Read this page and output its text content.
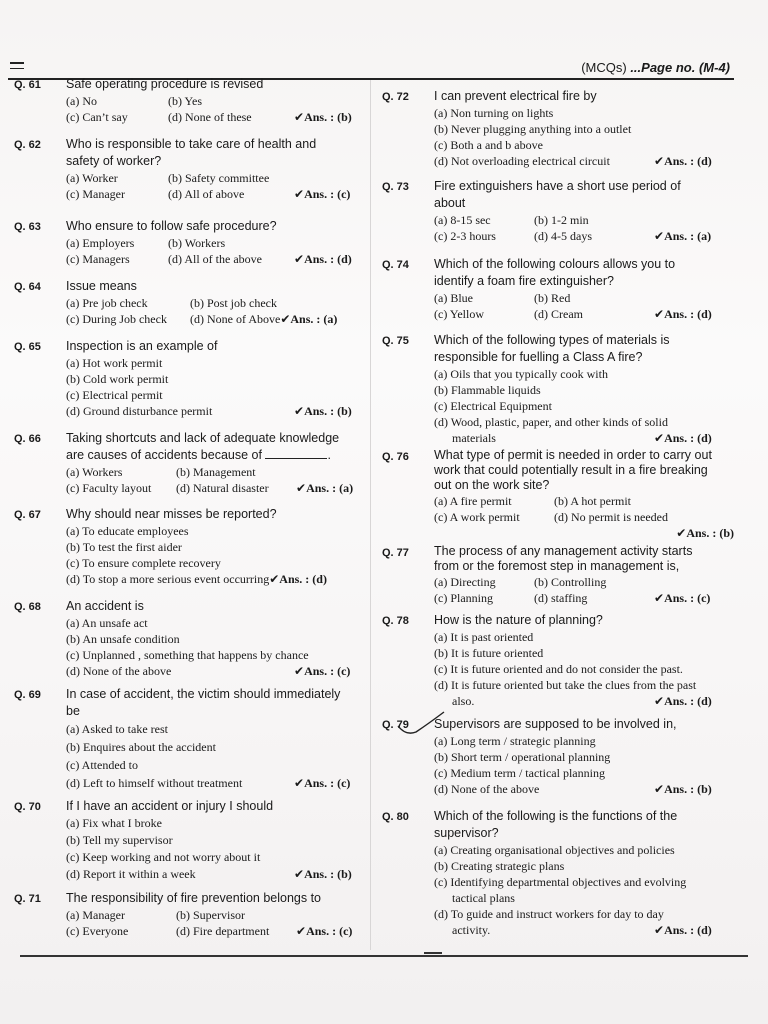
(MCQs) ...Page no. (M-4)
Q. 61 Safe operating procedure is revised
(a) No	(b) Yes
(c) Can’t say	(d) None of these	✔Ans. : (b)
Q. 62 Who is responsible to take care of health and
safety of worker?
(a) Worker	(b) Safety committee
(c) Manager	(d) All of above	✔Ans. : (c)
Q. 63 Who ensure to follow safe procedure?
(a) Employers	(b) Workers
(c) Managers	(d) All of the above	✔Ans. : (d)
Q. 64 Issue means
(a) Pre job check	(b) Post job check
(c) During Job check (d) None of Above✔Ans. : (a)
Q. 65 Inspection is an example of
(a) Hot work permit
(b) Cold work permit
(c) Electrical permit
(d) Ground disturbance permit	✔Ans. : (b)
Q. 66 Taking shortcuts and lack of adequate knowledge
are causes of accidents because of	.
(a) Workers	(b) Management
(c) Faculty layout (d) Natural disaster ✔Ans. : (a)
Q. 67 Why should near misses be reported?
(a) To educate employees
(b) To test the first aider
(c) To ensure complete recovery
(d) To stop a more serious event occurring✔Ans. : (d)
Q. 68 An accident is
(a) An unsafe act
(b) An unsafe condition
(c) Unplanned , something that happens by chance
(d) None of the above	✔Ans. : (c)
Q. 69 In case of accident, the victim should immediately
be
(a) Asked to take rest
(b) Enquires about the accident
(c) Attended to
(d) Left to himself without treatment	✔Ans. : (c)
Q. 70 If I have an accident or injury I should
(a) Fix what I broke
(b) Tell my supervisor
(c) Keep working and not worry about it
(d) Report it within a week	✔Ans. : (b)
Q. 71 The responsibility of fire prevention belongs to
(a) Manager	(b) Supervisor
(c) Everyone	(d) Fire department ✔Ans. : (c)
Q. 72 I can prevent electrical fire by
(a) Non turning on lights
(b) Never plugging anything into a outlet
(c) Both a and b above
(d) Not overloading electrical circuit	✔Ans. : (d)
Q. 73 Fire extinguishers have a short use period of
about
(a) 8-15 sec	(b) 1-2 min
(c) 2-3 hours	(d) 4-5 days	✔Ans. : (a)
Q. 74 Which of the following colours allows you to
identify a foam fire extinguisher?
(a) Blue	(b) Red
(c) Yellow	(d) Cream	✔Ans. : (d)
Q. 75 Which of the following types of materials is
responsible for fuelling a Class A fire?
(a) Oils that you typically cook with
(b) Flammable liquids
(c) Electrical Equipment
(d) Wood, plastic, paper, and other kinds of solid
materials	✔Ans. : (d)
Q. 76 What type of permit is needed in order to carry out
work that could potentially result in a fire breaking
out on the work site?
(a) A fire permit	(b) A hot permit
(c) A work permit	(d) No permit is needed
✔Ans. : (b)
Q. 77 The process of any management activity starts
from or the foremost step in management is,
(a) Directing	(b) Controlling
(c) Planning	(d) staffing	✔Ans. : (c)
Q. 78 How is the nature of planning?
(a) It is past oriented
(b) It is future oriented
(c) It is future oriented and do not consider the past.
(d) It is future oriented but take the clues from the past
also.	✔Ans. : (d)
Q. 79 Supervisors are supposed to be involved in,
(a) Long term / strategic planning
(b) Short term / operational planning
(c) Medium term / tactical planning
(d) None of the above	✔Ans. : (b)
Q. 80 Which of the following is the functions of the
supervisor?
(a) Creating organisational objectives and policies
(b) Creating strategic plans
(c) Identifying departmental objectives and evolving
tactical plans
(d) To guide and instruct workers for day to day
activity.	✔Ans. : (d)
